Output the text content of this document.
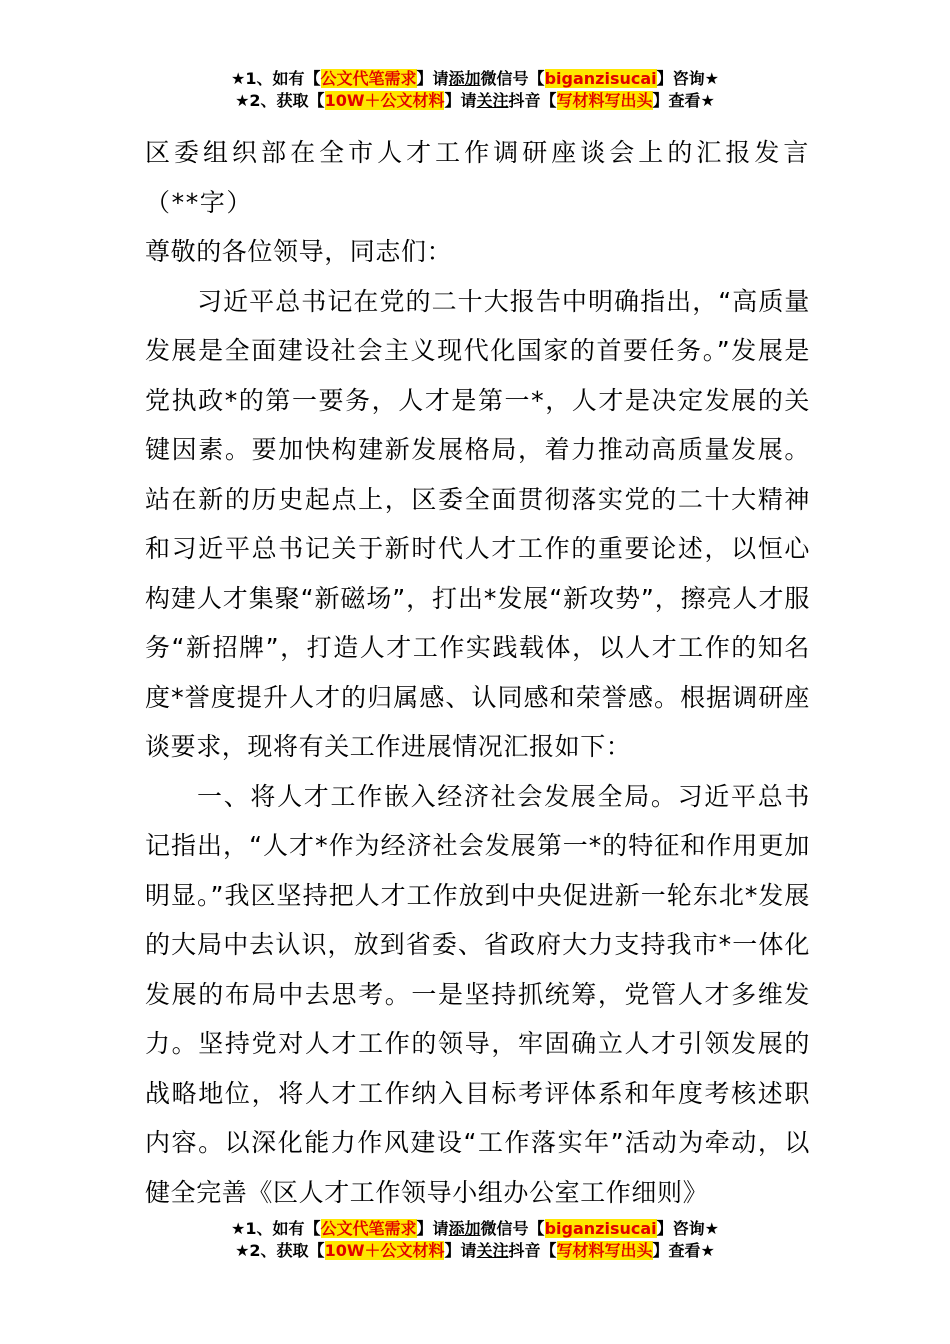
★1、如有【公文代笔需求】请添加微信号【biganzisucai】咨询★
★2、获取【10W＋公文材料】请关注抖音【写材料写出头】查看★

区委组织部在全市人才工作调研座谈会上的汇报发言（**字）

尊敬的各位领导，同志们：

习近平总书记在党的二十大报告中明确指出，“高质量发展是全面建设社会主义现代化国家的首要任务。”发展是党执政*的第一要务，人才是第一*，人才是决定发展的关键因素。要加快构建新发展格局，着力推动高质量发展。站在新的历史起点上，区委全面贯彻落实党的二十大精神和习近平总书记关于新时代人才工作的重要论述，以恒心构建人才集聚“新磁场”，打出*发展“新攻势”，擦亮人才服务“新招牌”，打造人才工作实践载体，以人才工作的知名度*誉度提升人才的归属感、认同感和荣誉感。根据调研座谈要求，现将有关工作进展情况汇报如下：

一、将人才工作嵌入经济社会发展全局。习近平总书记指出，“人才*作为经济社会发展第一*的特征和作用更加明显。”我区坚持把人才工作放到中央促进新一轮东北*发展的大局中去认识，放到省委、省政府大力支持我市*一体化发展的布局中去思考。一是坚持抓统筹，党管人才多维发力。坚持党对人才工作的领导，牢固确立人才引领发展的战略地位，将人才工作纳入目标考评体系和年度考核述职内容。以深化能力作风建设“工作落实年”活动为牵动，以健全完善《区人才工作领导小组办公室工作细则》

★1、如有【公文代笔需求】请添加微信号【biganzisucai】咨询★
★2、获取【10W＋公文材料】请关注抖音【写材料写出头】查看★
